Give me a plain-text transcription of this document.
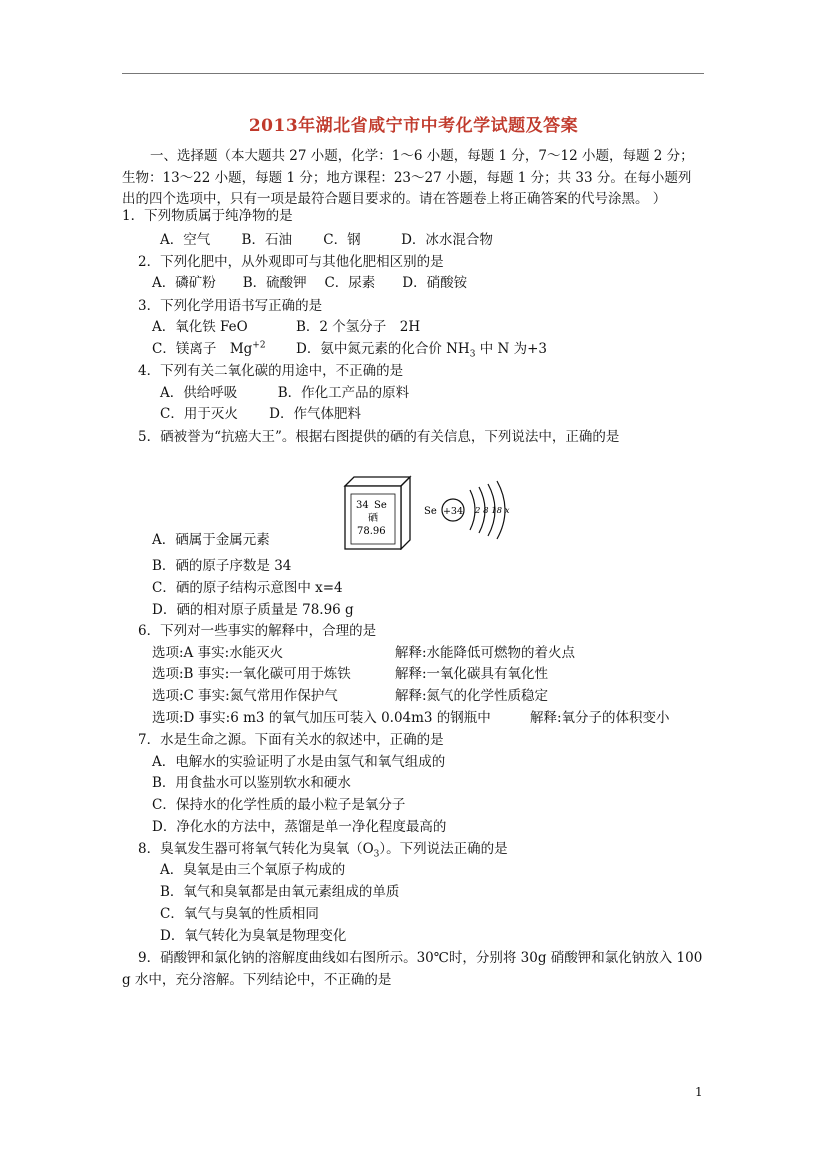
2013年湖北省咸宁市中考化学试题及答案

一、选择题（本大题共 27 小题，化学：1～6 小题，每题 1 分，7～12 小题，每题 2 分；

生物：13～22 小题，每题 1 分；地方课程：23～27 小题，每题 1 分；共 33 分。在每小题列

出的四个选项中，只有一项是最符合题目要求的。请在答题卷上将正确答案的代号涂黑。 ）

1．下列物质属于纯净物的是
A．空气　　 B．石油　　 C．钢　　　D．冰水混合物
2．下列化肥中，从外观即可与其他化肥相区别的是
A．磷矿粉　　B．硫酸钾　 C．尿素　　D．硝酸铵
3．下列化学用语书写正确的是
A．氧化铁 FeO	B．2 个氢分子　2H
C．镁离子　$Mg^{+2}$ D．氨中氮元素的化合价 $NH_3$ 中 N 为+3
4．下列有关二氧化碳的用途中，不正确的是
A．供给呼吸　　　B．作化工产品的原料
C．用于灭火　　 D．作气体肥料
5．硒被誉为“抗癌大王”。根据右图提供的硒的有关信息，下列说法中，正确的是
34 Se
硒
78.96
Se +34 2 8 18 x
A．硒属于金属元素
B．硒的原子序数是 34
C．硒的原子结构示意图中 x=4
D．硒的相对原子质量是 78.96 g
6．下列对一些事实的解释中，合理的是
选项:A 事实:水能灭火	解释:水能降低可燃物的着火点
选项:B 事实:一氧化碳可用于炼铁	解释:一氧化碳具有氧化性
选项:C 事实:氮气常用作保护气	解释:氮气的化学性质稳定
选项:D 事实:6 m3 的氧气加压可装入 0.04m3 的钢瓶中	解释:氧分子的体积变小
7．水是生命之源。下面有关水的叙述中，正确的是
A．电解水的实验证明了水是由氢气和氧气组成的
B．用食盐水可以鉴别软水和硬水
C．保持水的化学性质的最小粒子是氧分子
D．净化水的方法中，蒸馏是单一净化程度最高的
8．臭氧发生器可将氧气转化为臭氧$(O_3)$。下列说法正确的是
A．臭氧是由三个氧原子构成的
B．氧气和臭氧都是由氧元素组成的单质
C．氧气与臭氧的性质相同
D．氧气转化为臭氧是物理变化
9．硝酸钾和氯化钠的溶解度曲线如右图所示。30℃时，分别将 30g 硝酸钾和氯化钠放入 100
g 水中，充分溶解。下列结论中，不正确的是
1
